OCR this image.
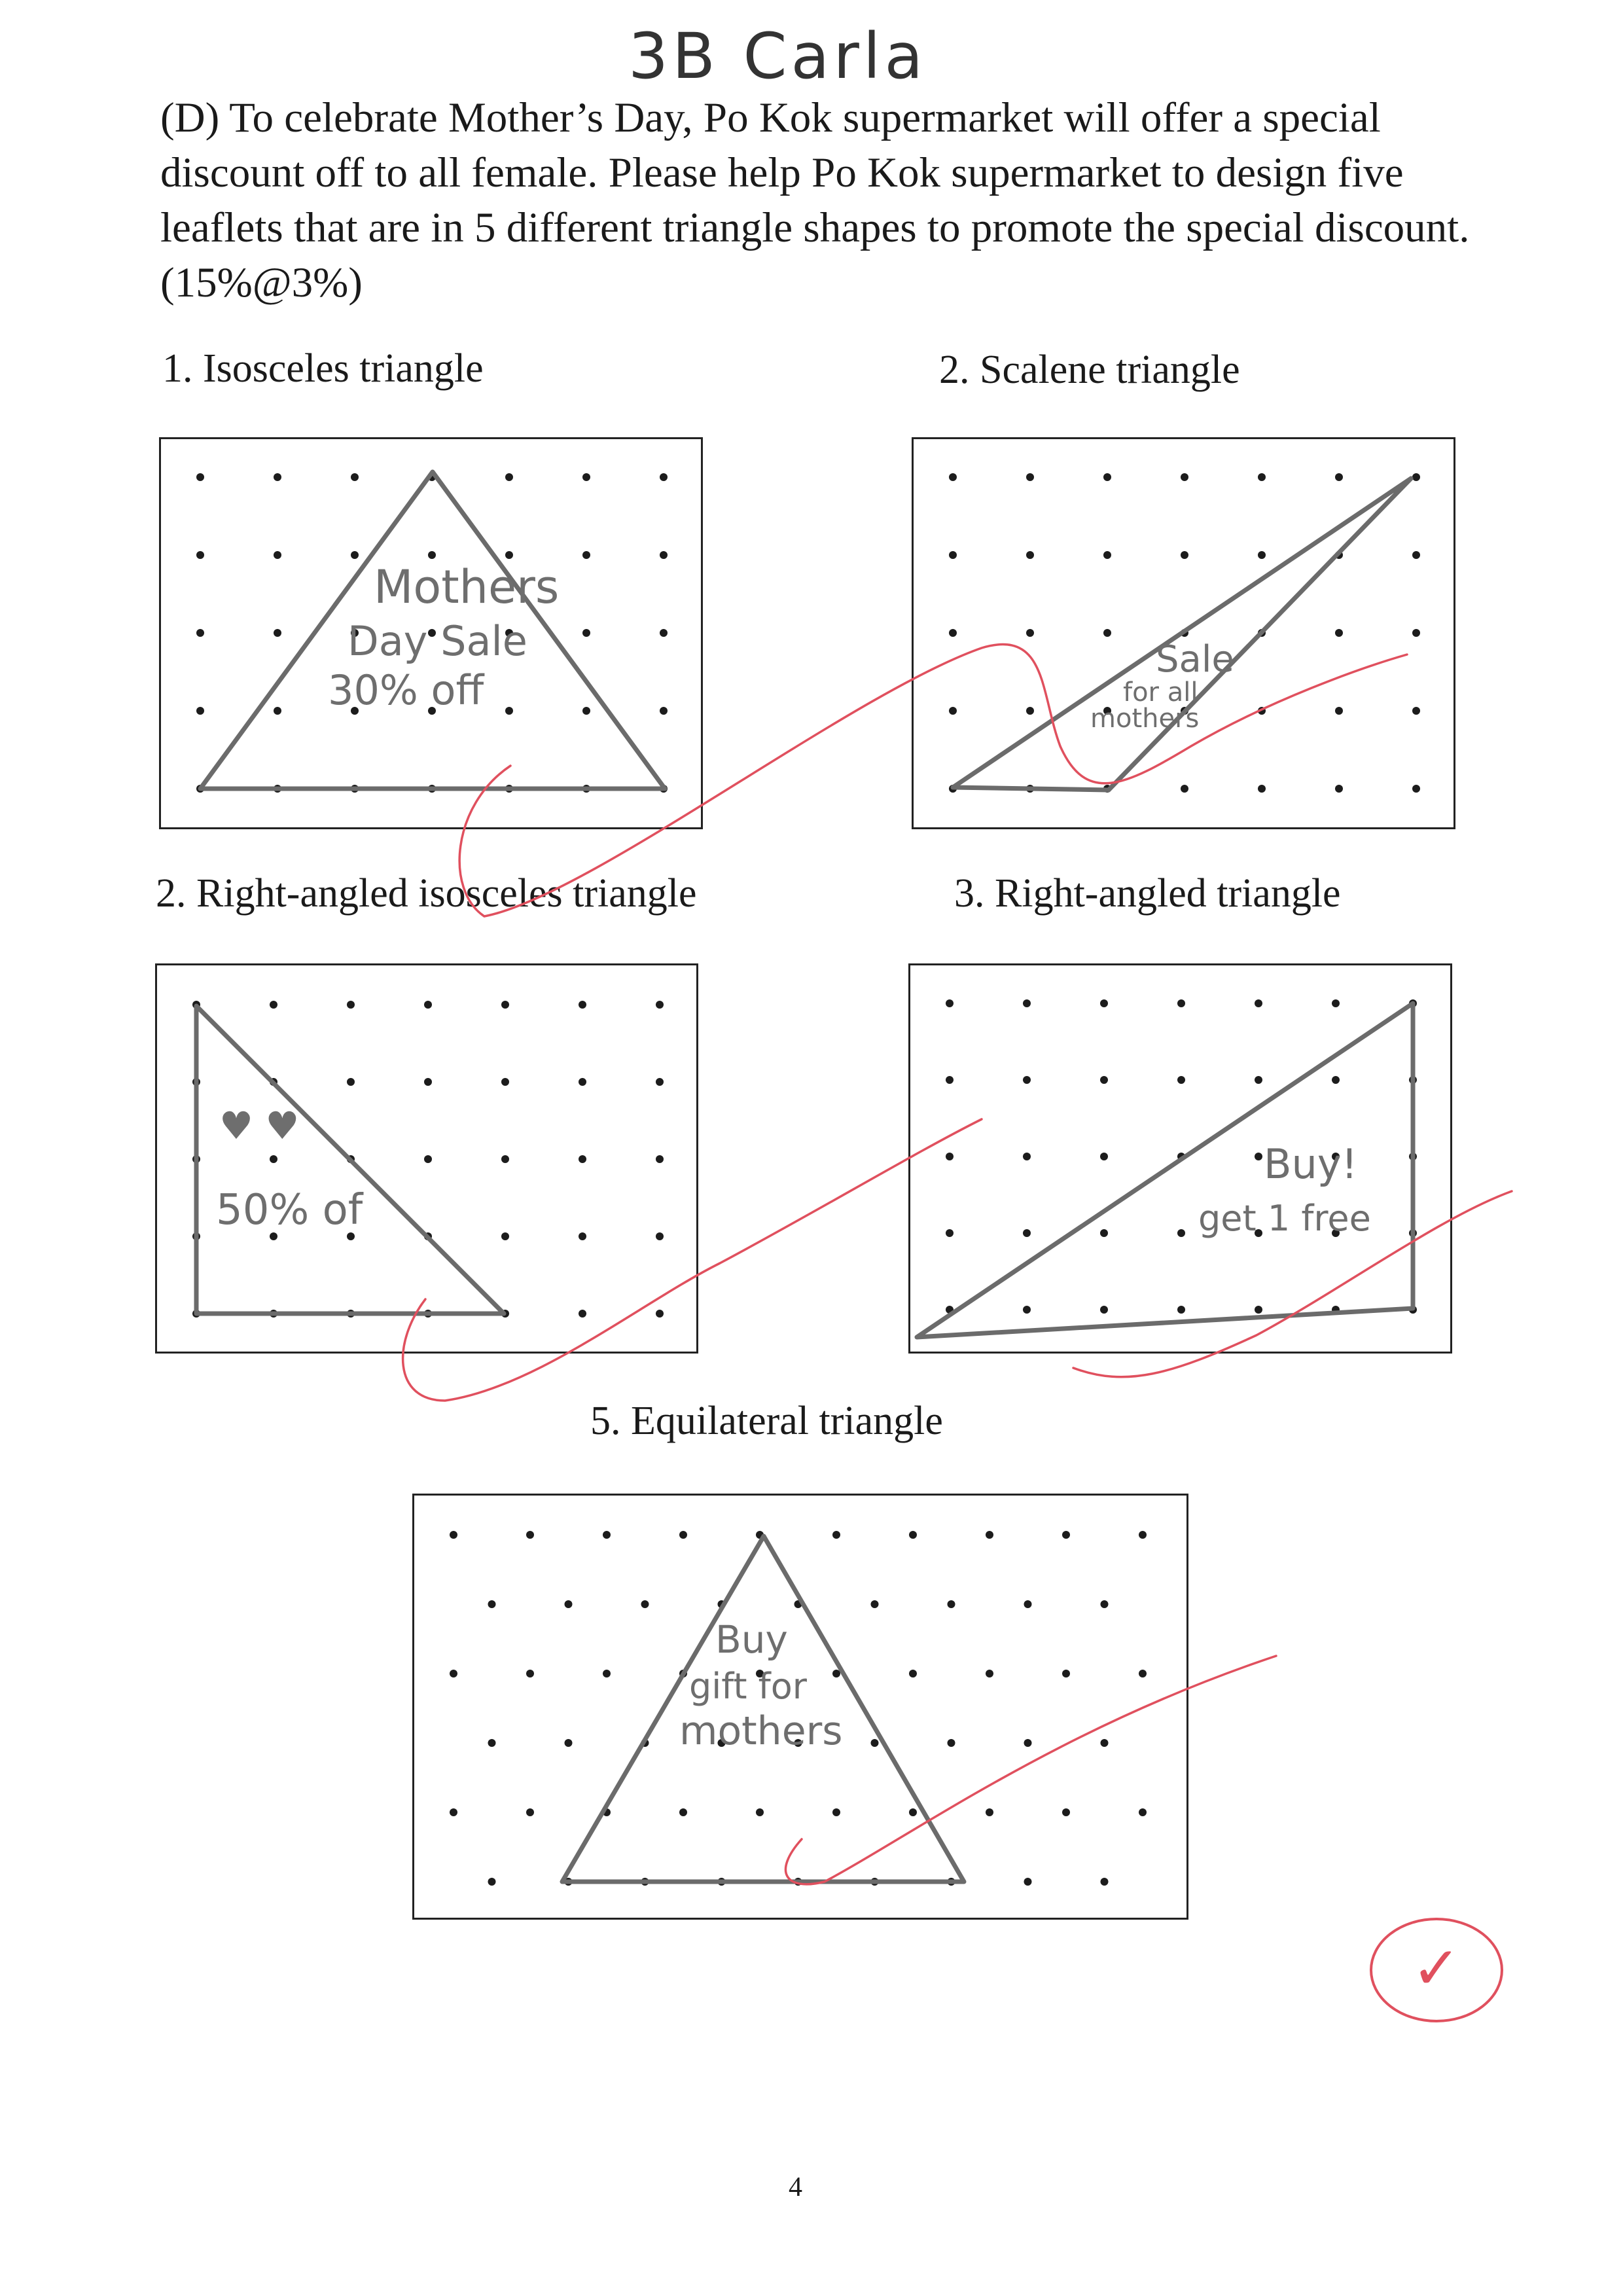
3B Carla

(D) To celebrate Mother’s Day, Po Kok supermarket will offer a special discount off to all female. Please help Po Kok supermarket to design five leaflets that are in 5 different triangle shapes to promote the special discount. (15%@3%)

1. Isosceles triangle

Mothers
Day Sale
30% off

2. Scalene triangle

Sale
for all
mothers

2. Right-angled isosceles triangle

♥ ♥
50% of

3. Right-angled triangle

Buy!
get 1 free

5. Equilateral triangle

Buy
gift for
mothers
✓
4
